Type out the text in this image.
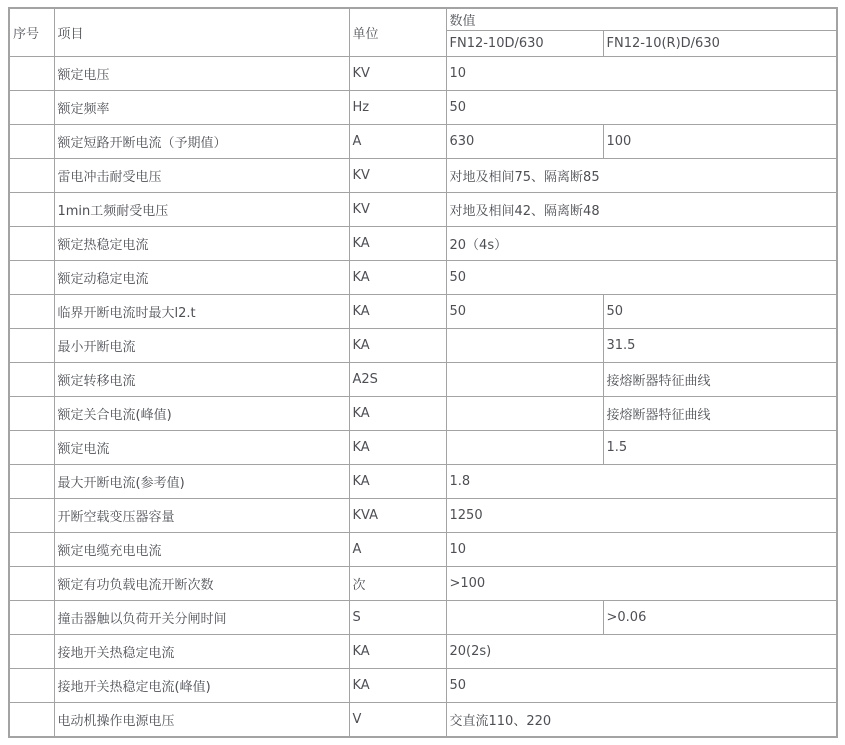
序号	项目	单位	数值	
			FN12-10D/630	FN12-10(R)D/630
	额定电压	KV	10	
	额定频率	Hz	50	
	额定短路开断电流（予期值）	A	630	100
	雷电冲击耐受电压	KV	对地及相间75、隔离断85	
	1min工频耐受电压	KV	对地及相间42、隔离断48	
	额定热稳定电流	KA	20（4s）	
	额定动稳定电流	KA	50	
	临界开断电流时最大l2.t	KA	50	50
	最小开断电流	KA		31.5
	额定转移电流	A2S		接熔断器特征曲线
	额定关合电流(峰值)	KA		接熔断器特征曲线
	额定电流	KA		1.5
	最大开断电流(参考值)	KA	1.8	
	开断空载变压器容量	KVA	1250	
	额定电缆充电电流	A	10	
	额定有功负载电流开断次数	次	>100	
	撞击器触以负荷开关分闸时间	S		>0.06
	接地开关热稳定电流	KA	20(2s)	
	接地开关热稳定电流(峰值)	KA	50	
	电动机操作电源电压	V	交直流110、220	
